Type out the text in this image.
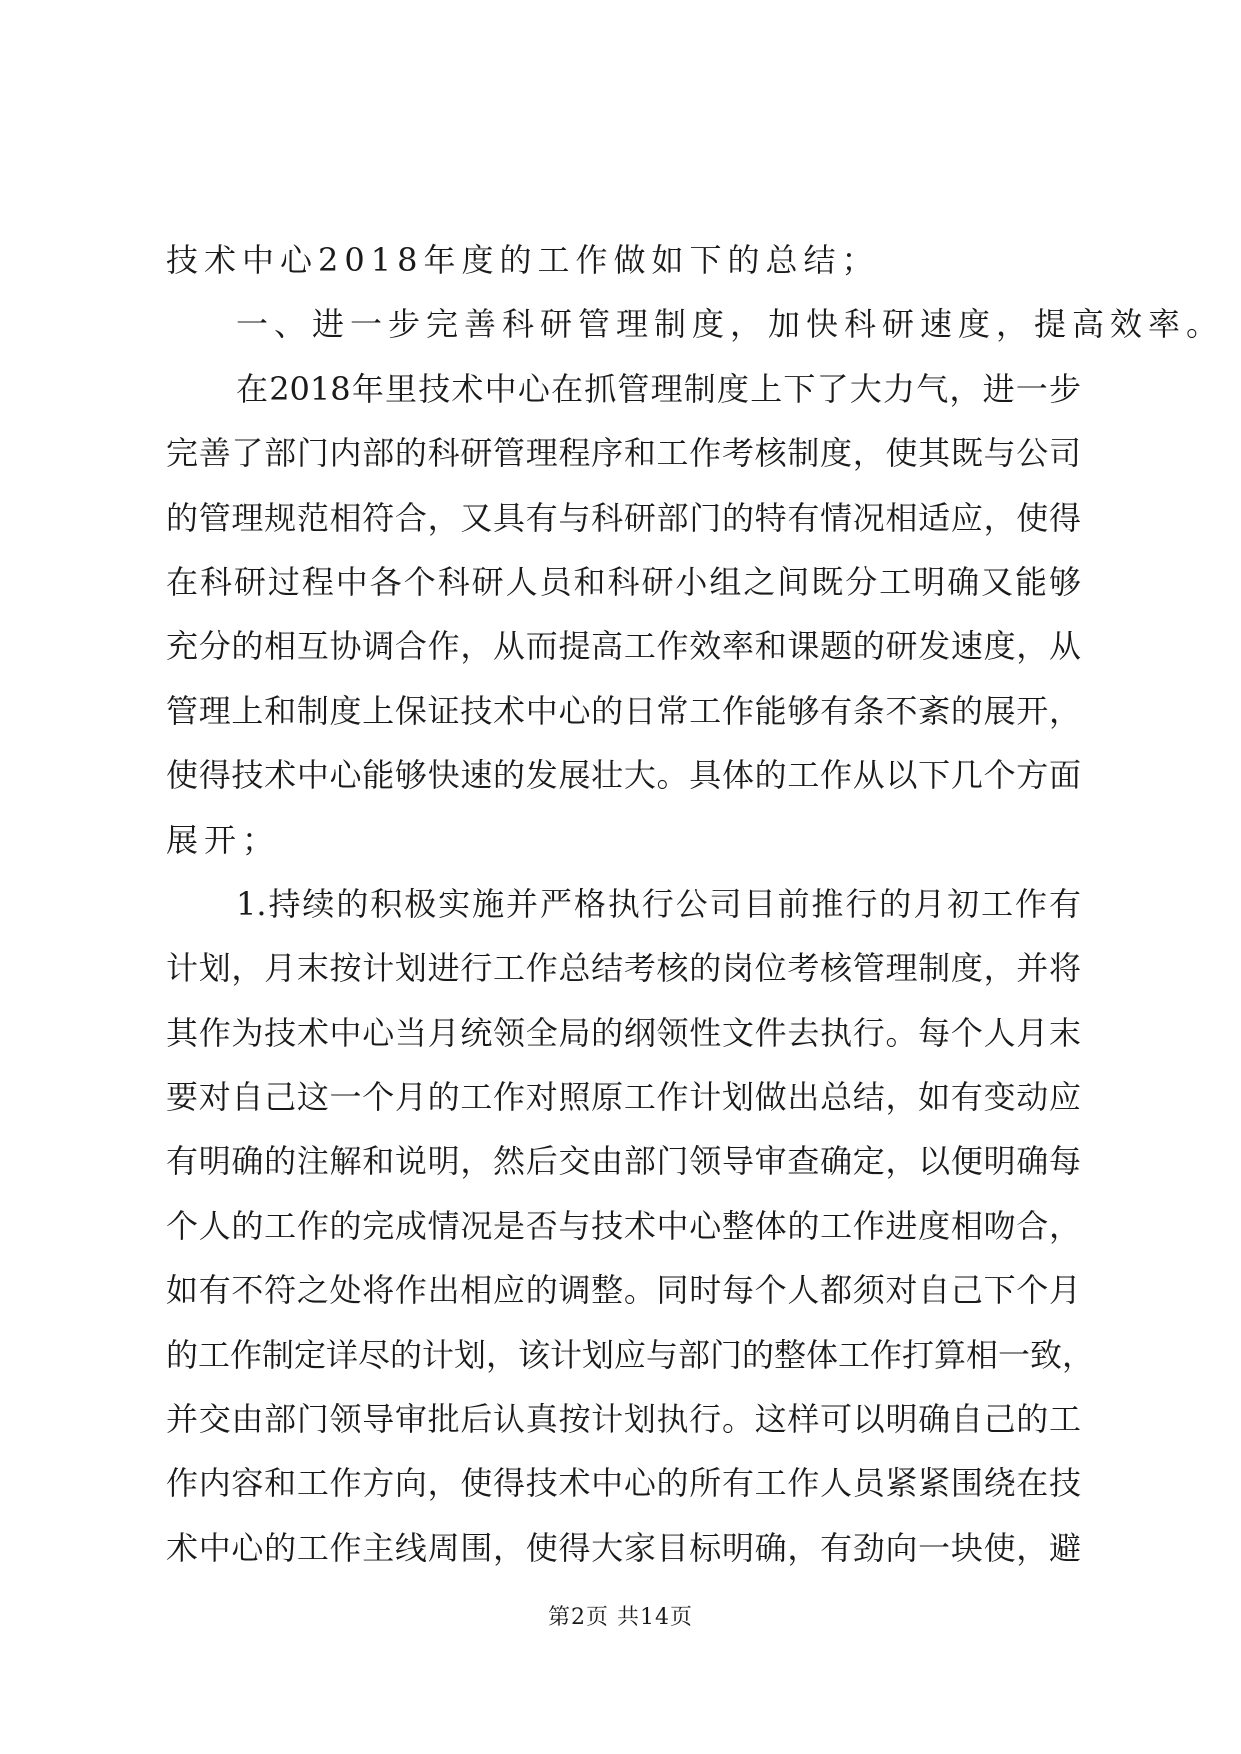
技术中心2018年度的工作做如下的总结；
一、进一步完善科研管理制度，加快科研速度，提高效率。
在2018年里技术中心在抓管理制度上下了大力气，进一步
完善了部门内部的科研管理程序和工作考核制度，使其既与公司
的管理规范相符合，又具有与科研部门的特有情况相适应，使得
在科研过程中各个科研人员和科研小组之间既分工明确又能够
充分的相互协调合作，从而提高工作效率和课题的研发速度，从
管理上和制度上保证技术中心的日常工作能够有条不紊的展开，
使得技术中心能够快速的发展壮大。具体的工作从以下几个方面
展开；
1.持续的积极实施并严格执行公司目前推行的月初工作有
计划，月末按计划进行工作总结考核的岗位考核管理制度，并将
其作为技术中心当月统领全局的纲领性文件去执行。每个人月末
要对自己这一个月的工作对照原工作计划做出总结，如有变动应
有明确的注解和说明，然后交由部门领导审查确定，以便明确每
个人的工作的完成情况是否与技术中心整体的工作进度相吻合，
如有不符之处将作出相应的调整。同时每个人都须对自己下个月
的工作制定详尽的计划，该计划应与部门的整体工作打算相一致，
并交由部门领导审批后认真按计划执行。这样可以明确自己的工
作内容和工作方向，使得技术中心的所有工作人员紧紧围绕在技
术中心的工作主线周围，使得大家目标明确，有劲向一块使，避
第2页 共14页
